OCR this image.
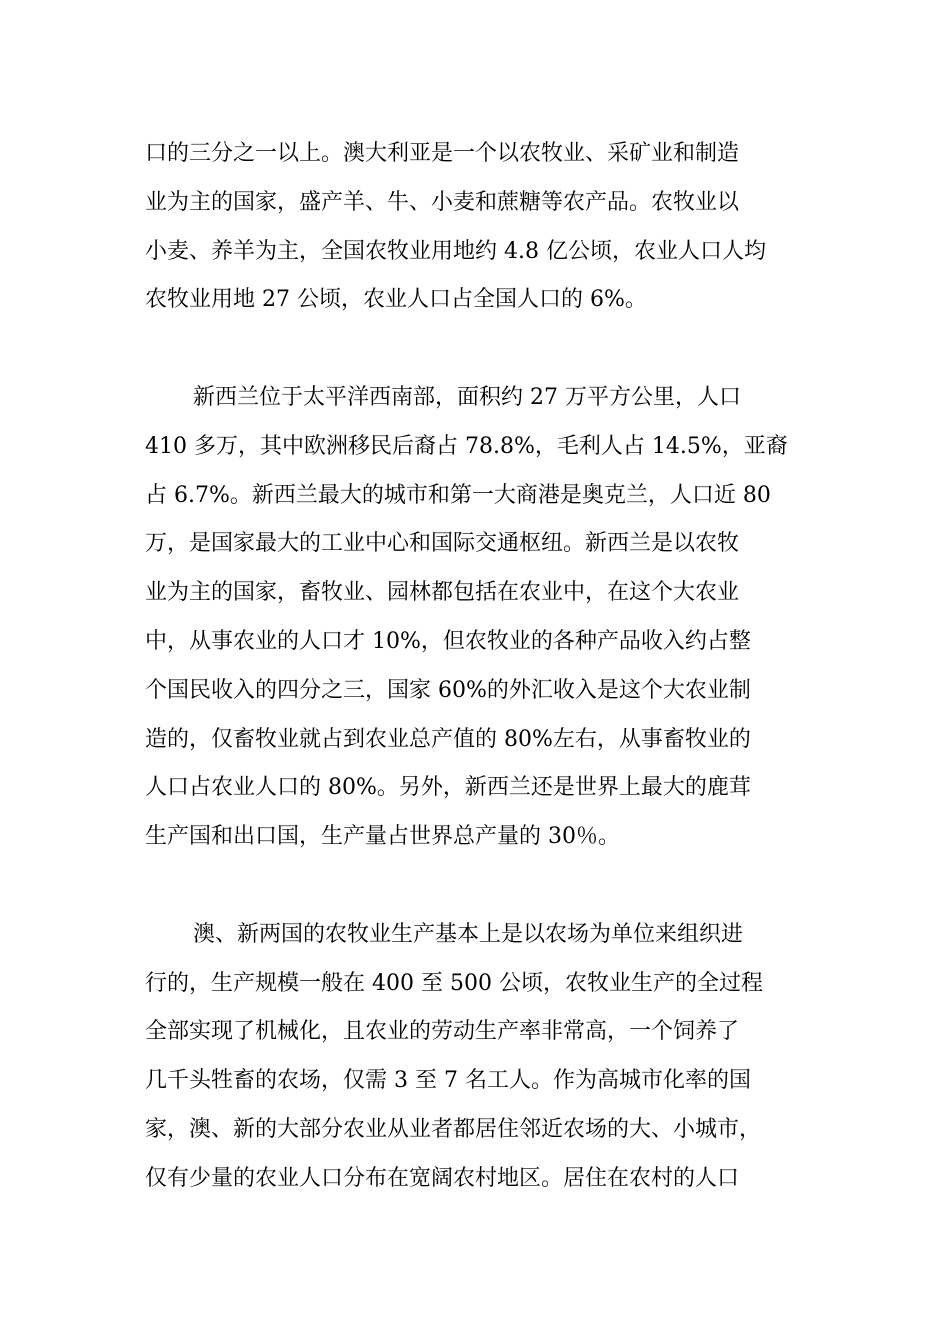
口的三分之一以上。澳大利亚是一个以农牧业、采矿业和制造
业为主的国家，盛产羊、牛、小麦和蔗糖等农产品。农牧业以
小麦、养羊为主，全国农牧业用地约 4.8 亿公顷，农业人口人均
农牧业用地 27 公顷，农业人口占全国人口的 6%。
新西兰位于太平洋西南部，面积约 27 万平方公里，人口
410 多万，其中欧洲移民后裔占 78.8%，毛利人占 14.5%，亚裔
占 6.7%。新西兰最大的城市和第一大商港是奥克兰，人口近 80
万，是国家最大的工业中心和国际交通枢纽。新西兰是以农牧
业为主的国家，畜牧业、园林都包括在农业中，在这个大农业
中，从事农业的人口才 10%，但农牧业的各种产品收入约占整
个国民收入的四分之三，国家 60%的外汇收入是这个大农业制
造的，仅畜牧业就占到农业总产值的 80%左右，从事畜牧业的
人口占农业人口的 80%。另外，新西兰还是世界上最大的鹿茸
生产国和出口国，生产量占世界总产量的 30％。
澳、新两国的农牧业生产基本上是以农场为单位来组织进
行的，生产规模一般在 400 至 500 公顷，农牧业生产的全过程
全部实现了机械化，且农业的劳动生产率非常高，一个饲养了
几千头牲畜的农场，仅需 3 至 7 名工人。作为高城市化率的国
家，澳、新的大部分农业从业者都居住邻近农场的大、小城市，
仅有少量的农业人口分布在宽阔农村地区。居住在农村的人口
